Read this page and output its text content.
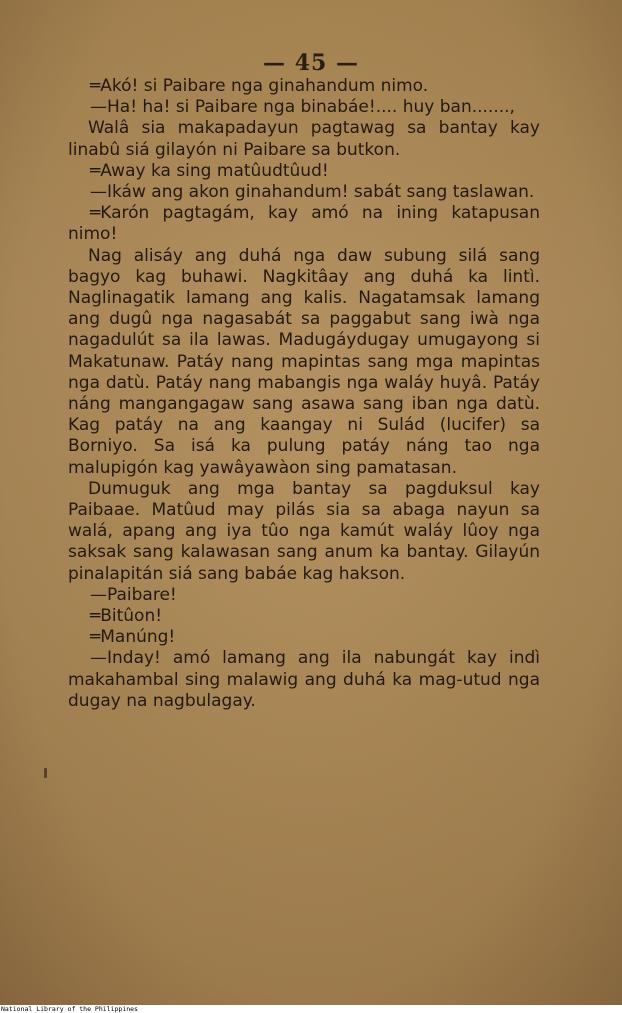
— 45 —

═Akó! si Paibare nga ginahandum nimo.

—Ha! ha! si Paibare nga binabáe!.... huy ban.......,

Walâ sia makapadayun pagtawag sa bantay kay linabû siá gilayón ni Paibare sa butkon.

═Away ka sing matûudtûud!

—Ikáw ang akon ginahandum! sabát sang taslawan.

═Karón pagtagám, kay amó na ining katapusan nimo!

Nag alisáy ang duhá nga daw subung silá sang bagyo kag buhawi. Nagkitâay ang duhá ka lintì. Naglinagatik lamang ang kalis. Nagatamsak lamang ang dugû nga nagasabát sa paggabut sang iwà nga nagadulút sa ila lawas. Madugáydugay umugayong si Makatunaw. Patáy nang mapintas sang mga mapintas nga datù. Patáy nang mabangis nga waláy huyâ. Patáy náng mangangagaw sang asawa sang iban nga datù. Kag patáy na ang kaangay ni Sulád (lucifer) sa Borniyo. Sa isá ka pulung patáy náng tao nga malupigón kag yawâyawàon sing pamatasan.

Dumuguk ang mga bantay sa pagduksul kay Paibaae. Matûud may pilás sia sa abaga nayun sa walá, apang ang iya tûo nga kamút waláy lûoy nga saksak sang kalawasan sang anum ka bantay. Gilayún pinalapitán siá sang babáe kag hakson.

—Paibare!

═Bitûon!

═Manúng!

—Inday! amó lamang ang ila nabungát kay indì makahambal sing malawig ang duhá ka mag-utud nga dugay na nagbulagay.

National Library of the Philippines
